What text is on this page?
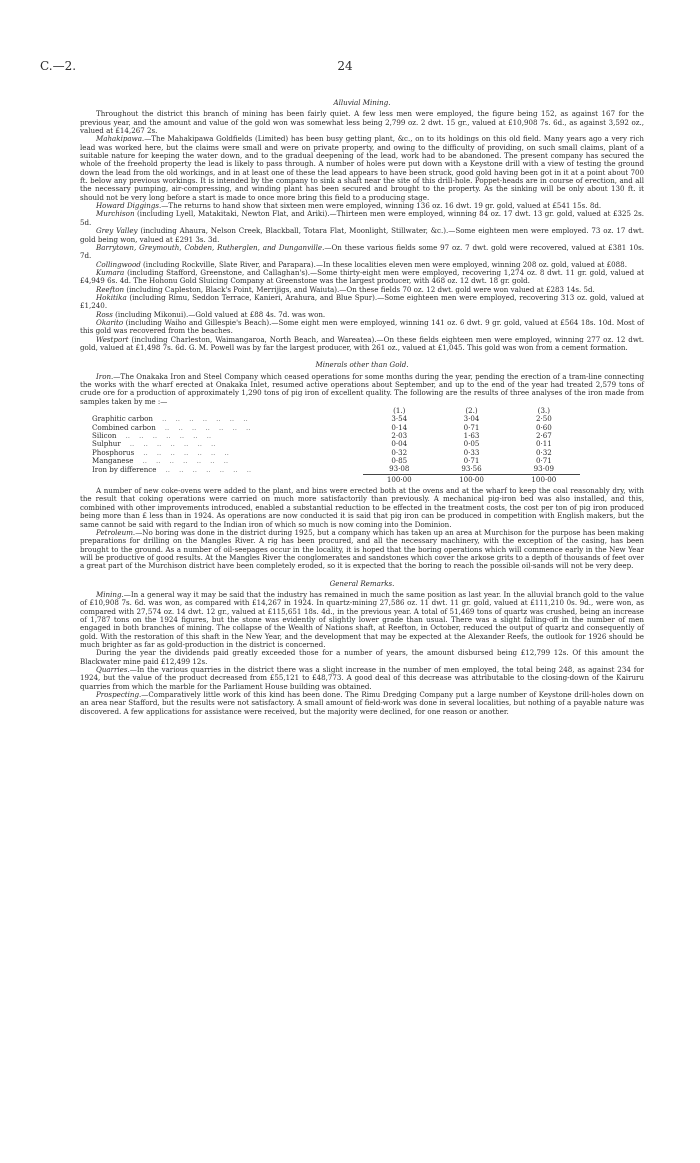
C.—2.	24
Alluvial Mining.

Throughout the district this branch of mining has been fairly quiet. A few less men were employed, the figure being 152, as against 167 for the previous year, and the amount and value of the gold won was somewhat less being 2,799 oz. 2 dwt. 15 gr., valued at £10,908 7s. 6d., as against 3,592 oz., valued at £14,267 2s.

Mahakipawa.—The Mahakipawa Goldfields (Limited) has been busy getting plant, &c., on to its holdings on this old field. Many years ago a very rich lead was worked here, but the claims were small and were on private property, and owing to the difficulty of providing, on such small claims, plant of a suitable nature for keeping the water down, and to the gradual deepening of the lead, work had to be abandoned. The present company has secured the whole of the freehold property the lead is likely to pass through. A number of holes were put down with a Keystone drill with a view of testing the ground down the lead from the old workings, and in at least one of these the lead appears to have been struck, good gold having been got in it at a point about 700 ft. below any previous workings. It is intended by the company to sink a shaft near the site of this drill-hole. Poppet-heads are in course of erection, and all the necessary pumping, air-compressing, and winding plant has been secured and brought to the property. As the sinking will be only about 130 ft. it should not be very long before a start is made to once more bring this field to a producing stage.

Howard Diggings.—The returns to hand show that sixteen men were employed, winning 136 oz. 16 dwt. 19 gr. gold, valued at £541 15s. 8d.

Murchison (including Lyell, Matakitaki, Newton Flat, and Ariki).—Thirteen men were employed, winning 84 oz. 17 dwt. 13 gr. gold, valued at £325 2s. 5d.

Grey Valley (including Ahaura, Nelson Creek, Blackball, Totara Flat, Moonlight, Stillwater, &c.).—Some eighteen men were employed. 73 oz. 17 dwt. gold being won, valued at £291 3s. 3d.

Barrytown, Greymouth, Cobden, Rutherglen, and Dunganville.—On these various fields some 97 oz. 7 dwt. gold were recovered, valued at £381 10s. 7d.

Collingwood (including Rockville, Slate River, and Parapara).—In these localities eleven men were employed, winning 208 oz. gold, valued at £088.

Kumara (including Stafford, Greenstone, and Callaghan's).—Some thirty-eight men were employed, recovering 1,274 oz. 8 dwt. 11 gr. gold, valued at £4,949 6s. 4d. The Hohonu Gold Sluicing Company at Greenstone was the largest producer, with 468 oz. 12 dwt. 18 gr. gold.

Reefton (including Capleston, Black's Point, Merrijigs, and Waiuta).—On these fields 70 oz. 12 dwt. gold were won valued at £283 14s. 5d.

Hokitika (including Rimu, Seddon Terrace, Kanieri, Arahura, and Blue Spur).—Some eighteen men were employed, recovering 313 oz. gold, valued at £1,240.

Ross (including Mikonui).—Gold valued at £88 4s. 7d. was won.

Okarito (including Waiho and Gillespie's Beach).—Some eight men were employed, winning 141 oz. 6 dwt. 9 gr. gold, valued at £564 18s. 10d. Most of this gold was recovered from the beaches.

Westport (including Charleston, Waimangaroa, North Beach, and Wareatea).—On these fields eighteen men were employed, winning 277 oz. 12 dwt. gold, valued at £1,498 7s. 6d. G. M. Powell was by far the largest producer, with 261 oz., valued at £1,045. This gold was won from a cement formation.

Minerals other than Gold.

Iron.—The Onakaka Iron and Steel Company which ceased operations for some months during the year, pending the erection of a tram-line connecting the works with the wharf erected at Onakaka Inlet, resumed active operations about September, and up to the end of the year had treated 2,579 tons of crude ore for a production of approximately 1,290 tons of pig iron of excellent quality. The following are the results of three analyses of the iron made from samples taken by me :—

	(1.)	(2.)	(3.)
Graphitic carbon    ..    ..    ..    ..    ..    ..    ..	3·54	3·04	2·50
Combined carbon    ..    ..    ..    ..    ..    ..    ..	0·14	0·71	0·60
Silicon    ..    ..    ..    ..    ..    ..    ..	2·03	1·63	2·67
Sulphur    ..    ..    ..    ..    ..    ..    ..	0·04	0·05	0·11
Phosphorus    ..    ..    ..    ..    ..    ..    ..	0·32	0·33	0·32
Manganese    ..    ..    ..    ..    ..    ..    ..	0·85	0·71	0·71
Iron by difference    ..    ..    ..    ..    ..    ..    ..	93·08	93·56	93·09
	100·00	100·00	100·00

A number of new coke-ovens were added to the plant, and bins were erected both at the ovens and at the wharf to keep the coal reasonably dry, with the result that coking operations were carried on much more satisfactorily than previously. A mechanical pig-iron bed was also installed, and this, combined with other improvements introduced, enabled a substantial reduction to be effected in the treatment costs, the cost per ton of pig iron produced being more than £ less than in 1924. As operations are now conducted it is said that pig iron can be produced in competition with English makers, but the same cannot be said with regard to the Indian iron of which so much is now coming into the Dominion.

Petroleum.—No boring was done in the district during 1925, but a company which has taken up an area at Murchison for the purpose has been making preparations for drilling on the Mangles River. A rig has been procured, and all the necessary machinery, with the exception of the casing, has been brought to the ground. As a number of oil-seepages occur in the locality, it is hoped that the boring operations which will commence early in the New Year will be productive of good results. At the Mangles River the conglomerates and sandstones which cover the arkose grits to a depth of thousands of feet over a great part of the Murchison district have been completely eroded, so it is expected that the boring to reach the possible oil-sands will not be very deep.

General Remarks.

Mining.—In a general way it may be said that the industry has remained in much the same position as last year. In the alluvial branch gold to the value of £10,908 7s. 6d. was won, as compared with £14,267 in 1924. In quartz-mining 27,586 oz. 11 dwt. 11 gr. gold, valued at £111,210 0s. 9d., were won, as compared with 27,574 oz. 14 dwt. 12 gr., valued at £115,651 18s. 4d., in the previous year. A total of 51,469 tons of quartz was crushed, being an increase of 1,787 tons on the 1924 figures, but the stone was evidently of slightly lower grade than usual. There was a slight falling-off in the number of men engaged in both branches of mining. The collapse of the Wealth of Nations shaft, at Reefton, in October, reduced the output of quartz and consequently of gold. With the restoration of this shaft in the New Year, and the development that may be expected at the Alexander Reefs, the outlook for 1926 should be much brighter as far as gold-production in the district is concerned.

During the year the dividends paid greatly exceeded those for a number of years, the amount disbursed being £12,799 12s. Of this amount the Blackwater mine paid £12,499 12s.

Quarries.—In the various quarries in the district there was a slight increase in the number of men employed, the total being 248, as against 234 for 1924, but the value of the product decreased from £55,121 to £48,773. A good deal of this decrease was attributable to the closing-down of the Kairuru quarries from which the marble for the Parliament House building was obtained.

Prospecting.—Comparatively little work of this kind has been done. The Rimu Dredging Company put a large number of Keystone drill-holes down on an area near Stafford, but the results were not satisfactory. A small amount of field-work was done in several localities, but nothing of a payable nature was discovered. A few applications for assistance were received, but the majority were declined, for one reason or another.
